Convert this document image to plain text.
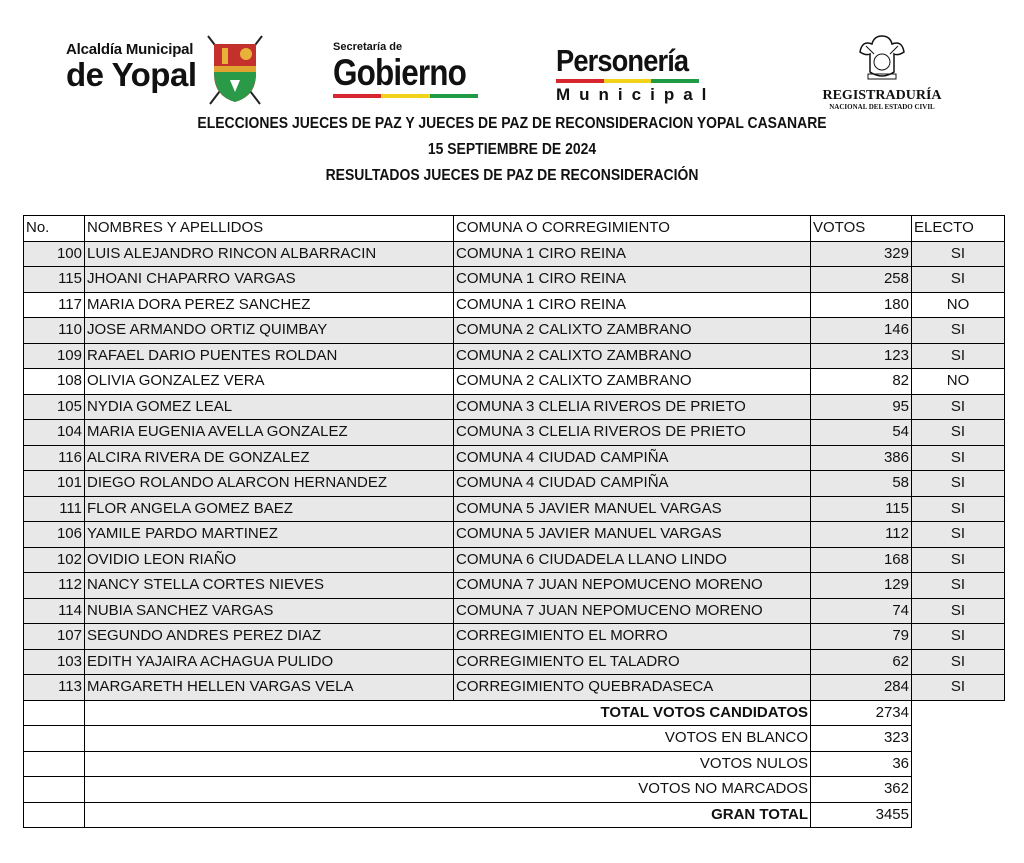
Alcaldía Municipal
de Yopal
Secretaría de
Gobierno	Personería
Municipal	REGISTRADURÍA
NACIONAL DEL ESTADO CIVIL
ELECCIONES JUECES DE PAZ Y JUECES DE PAZ DE RECONSIDERACION YOPAL CASANARE
15 SEPTIEMBRE DE 2024
RESULTADOS JUECES DE PAZ DE RECONSIDERACIÓN
No.	NOMBRES Y APELLIDOS	COMUNA O CORREGIMIENTO	VOTOS	ELECTO
100	LUIS ALEJANDRO RINCON ALBARRACIN	COMUNA 1 CIRO REINA	329	SI
115	JHOANI CHAPARRO VARGAS	COMUNA 1 CIRO REINA	258	SI
117	MARIA DORA PEREZ SANCHEZ	COMUNA 1 CIRO REINA	180	NO
110	JOSE ARMANDO ORTIZ QUIMBAY	COMUNA 2 CALIXTO ZAMBRANO	146	SI
109	RAFAEL DARIO PUENTES ROLDAN	COMUNA 2 CALIXTO ZAMBRANO	123	SI
108	OLIVIA GONZALEZ VERA	COMUNA 2 CALIXTO ZAMBRANO	82	NO
105	NYDIA GOMEZ LEAL	COMUNA 3 CLELIA RIVEROS DE PRIETO	95	SI
104	MARIA EUGENIA AVELLA GONZALEZ	COMUNA 3 CLELIA RIVEROS DE PRIETO	54	SI
116	ALCIRA RIVERA DE GONZALEZ	COMUNA 4 CIUDAD CAMPIÑA	386	SI
101	DIEGO ROLANDO ALARCON HERNANDEZ	COMUNA 4 CIUDAD CAMPIÑA	58	SI
111	FLOR ANGELA GOMEZ BAEZ	COMUNA 5 JAVIER MANUEL VARGAS	115	SI
106	YAMILE PARDO MARTINEZ	COMUNA 5 JAVIER MANUEL VARGAS	112	SI
102	OVIDIO LEON RIAÑO	COMUNA 6 CIUDADELA LLANO LINDO	168	SI
112	NANCY STELLA CORTES NIEVES	COMUNA 7 JUAN NEPOMUCENO MORENO	129	SI
114	NUBIA SANCHEZ VARGAS	COMUNA 7 JUAN NEPOMUCENO MORENO	74	SI
107	SEGUNDO ANDRES PEREZ DIAZ	CORREGIMIENTO EL MORRO	79	SI
103	EDITH YAJAIRA ACHAGUA PULIDO	CORREGIMIENTO EL TALADRO	62	SI
113	MARGARETH HELLEN VARGAS VELA	CORREGIMIENTO QUEBRADASECA	284	SI
	TOTAL VOTOS CANDIDATOS		2734	
	VOTOS EN BLANCO		323	
	VOTOS NULOS		36	
	VOTOS NO MARCADOS		362	
	GRAN TOTAL		3455	
